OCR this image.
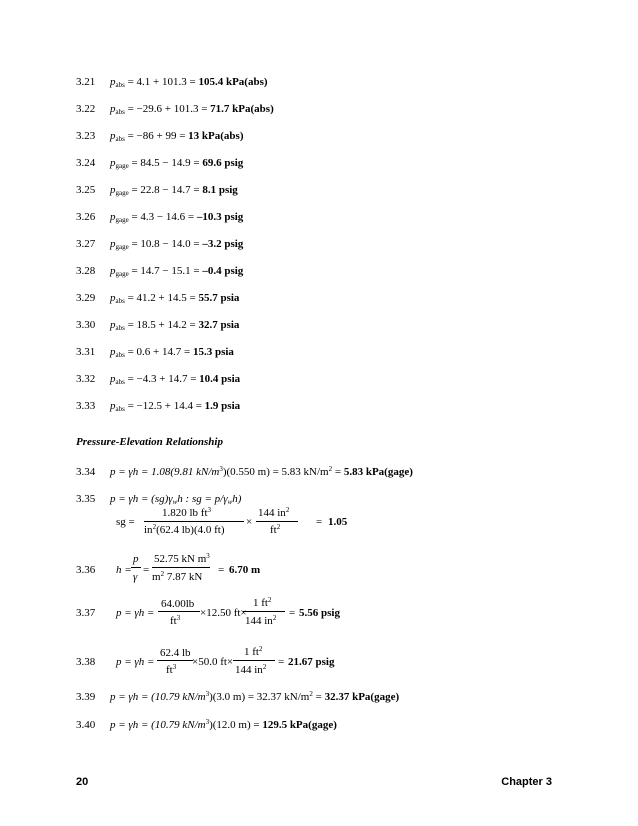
3.21 $p_{abs} = 4.1 + 101.3 = 105.4$ kPa(abs)
3.22 $p_{abs} = -29.6 + 101.3 = 71.7$ kPa(abs)
3.23 $p_{abs} = -86 + 99 = 13$ kPa(abs)
3.24 $p_{gage} = 84.5 - 14.9 = 69.6$ psig
3.25 $p_{gage} = 22.8 - 14.7 = 8.1$ psig
3.26 $p_{gage} = 4.3 - 14.6 = -10.3$ psig
3.27 $p_{gage} = 10.8 - 14.0 = -3.2$ psig
3.28 $p_{gage} = 14.7 - 15.1 = -0.4$ psig
3.29 $p_{abs} = 41.2 + 14.5 = 55.7$ psia
3.30 $p_{abs} = 18.5 + 14.2 = 32.7$ psia
3.31 $p_{abs} = 0.6 + 14.7 = 15.3$ psia
3.32 $p_{abs} = -4.3 + 14.7 = 10.4$ psia
3.33 $p_{abs} = -12.5 + 14.4 = 1.9$ psia
Pressure-Elevation Relationship
3.34 p = γh = 1.08(9.81 $kN/m^3)(0.550$ m) = 5.83 $kN/m^2 = 5.83$ kPa(gage)
3.35 $p = \gamma h = (sg)\gamma_wh$ : sg = $p/\gamma_wh$)
sg =
1.820 lb $ft^3$
$in^2(62.4$ lb)(4.0 ft)
×
144 $in^2$
$ft^2$	= 1.05
3.36 h =
p
γ
=
52.75 kN $m^3$
$m^2$ 7.87 kN
= 6.70 m
3.37 p = γh =
64.00lb
$ft^3 \times 12.50$ ft×
1 $ft^2$
144 $in^2 = 5.56$ psig
3.38 p = γh =
62.4 lb
$ft^3 \times 50.0$ ft×
1 $ft^2$
144 $in^2 = 21.67$ psig
3.39 p = γh = (10.79 $kN/m^3)(3.0$ m) = 32.37 $kN/m^2 = 32.37$ kPa(gage)
3.40 p = γh = (10.79 $kN/m^3)(12.0$ m) = 129.5 kPa(gage)
20	Chapter 3
